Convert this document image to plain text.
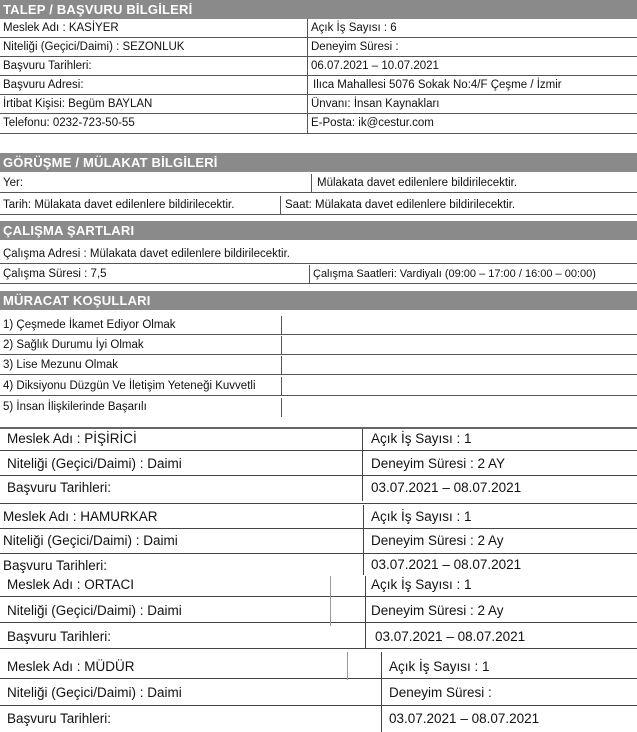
TALEP / BAŞVURU BİLGİLERİ
Meslek Adı : KASİYER	Açık İş Sayısı : 6
Niteliği (Geçici/Daimi) : SEZONLUK	Deneyim Süresi :
Başvuru Tarihleri:	06.07.2021 – 10.07.2021
Başvuru Adresi:	Ilıca Mahallesi 5076 Sokak No:4/F Çeşme / İzmir
İrtibat Kişisi: Begüm BAYLAN	Ünvanı: İnsan Kaynakları
Telefonu: 0232-723-50-55	E-Posta: ik@cestur.com
GÖRÜŞME / MÜLAKAT BİLGİLERİ
Yer:	Mülakata davet edilenlere bildirilecektir.
Tarih: Mülakata davet edilenlere bildirilecektir.	Saat: Mülakata davet edilenlere bildirilecektir.
ÇALIŞMA ŞARTLARI
Çalışma Adresi : Mülakata davet edilenlere bildirilecektir.
Çalışma Süresi : 7,5	Çalışma Saatleri: Vardiyalı (09:00 – 17:00 / 16:00 – 00:00)
MÜRACAT KOŞULLARI
1) Çeşmede İkamet Ediyor Olmak
2) Sağlık Durumu İyi Olmak
3) Lise Mezunu Olmak
4) Diksiyonu Düzgün Ve İletişim Yeteneği Kuvvetli
5) İnsan İlişkilerinde Başarılı
Meslek Adı : PİŞİRİCİ	Açık İş Sayısı : 1
Niteliği (Geçici/Daimi) : Daimi	Deneyim Süresi : 2 AY
Başvuru Tarihleri:	03.07.2021 – 08.07.2021
Meslek Adı : HAMURKAR	Açık İş Sayısı : 1
Niteliği (Geçici/Daimi) : Daimi	Deneyim Süresi : 2 Ay
Başvuru Tarihleri:	03.07.2021 – 08.07.2021
Meslek Adı : ORTACI	Açık İş Sayısı : 1
Niteliği (Geçici/Daimi) : Daimi	Deneyim Süresi : 2 Ay
Başvuru Tarihleri:	03.07.2021 – 08.07.2021
Meslek Adı : MÜDÜR	Açık İş Sayısı : 1
Niteliği (Geçici/Daimi) : Daimi	Deneyim Süresi :
Başvuru Tarihleri:	03.07.2021 – 08.07.2021
